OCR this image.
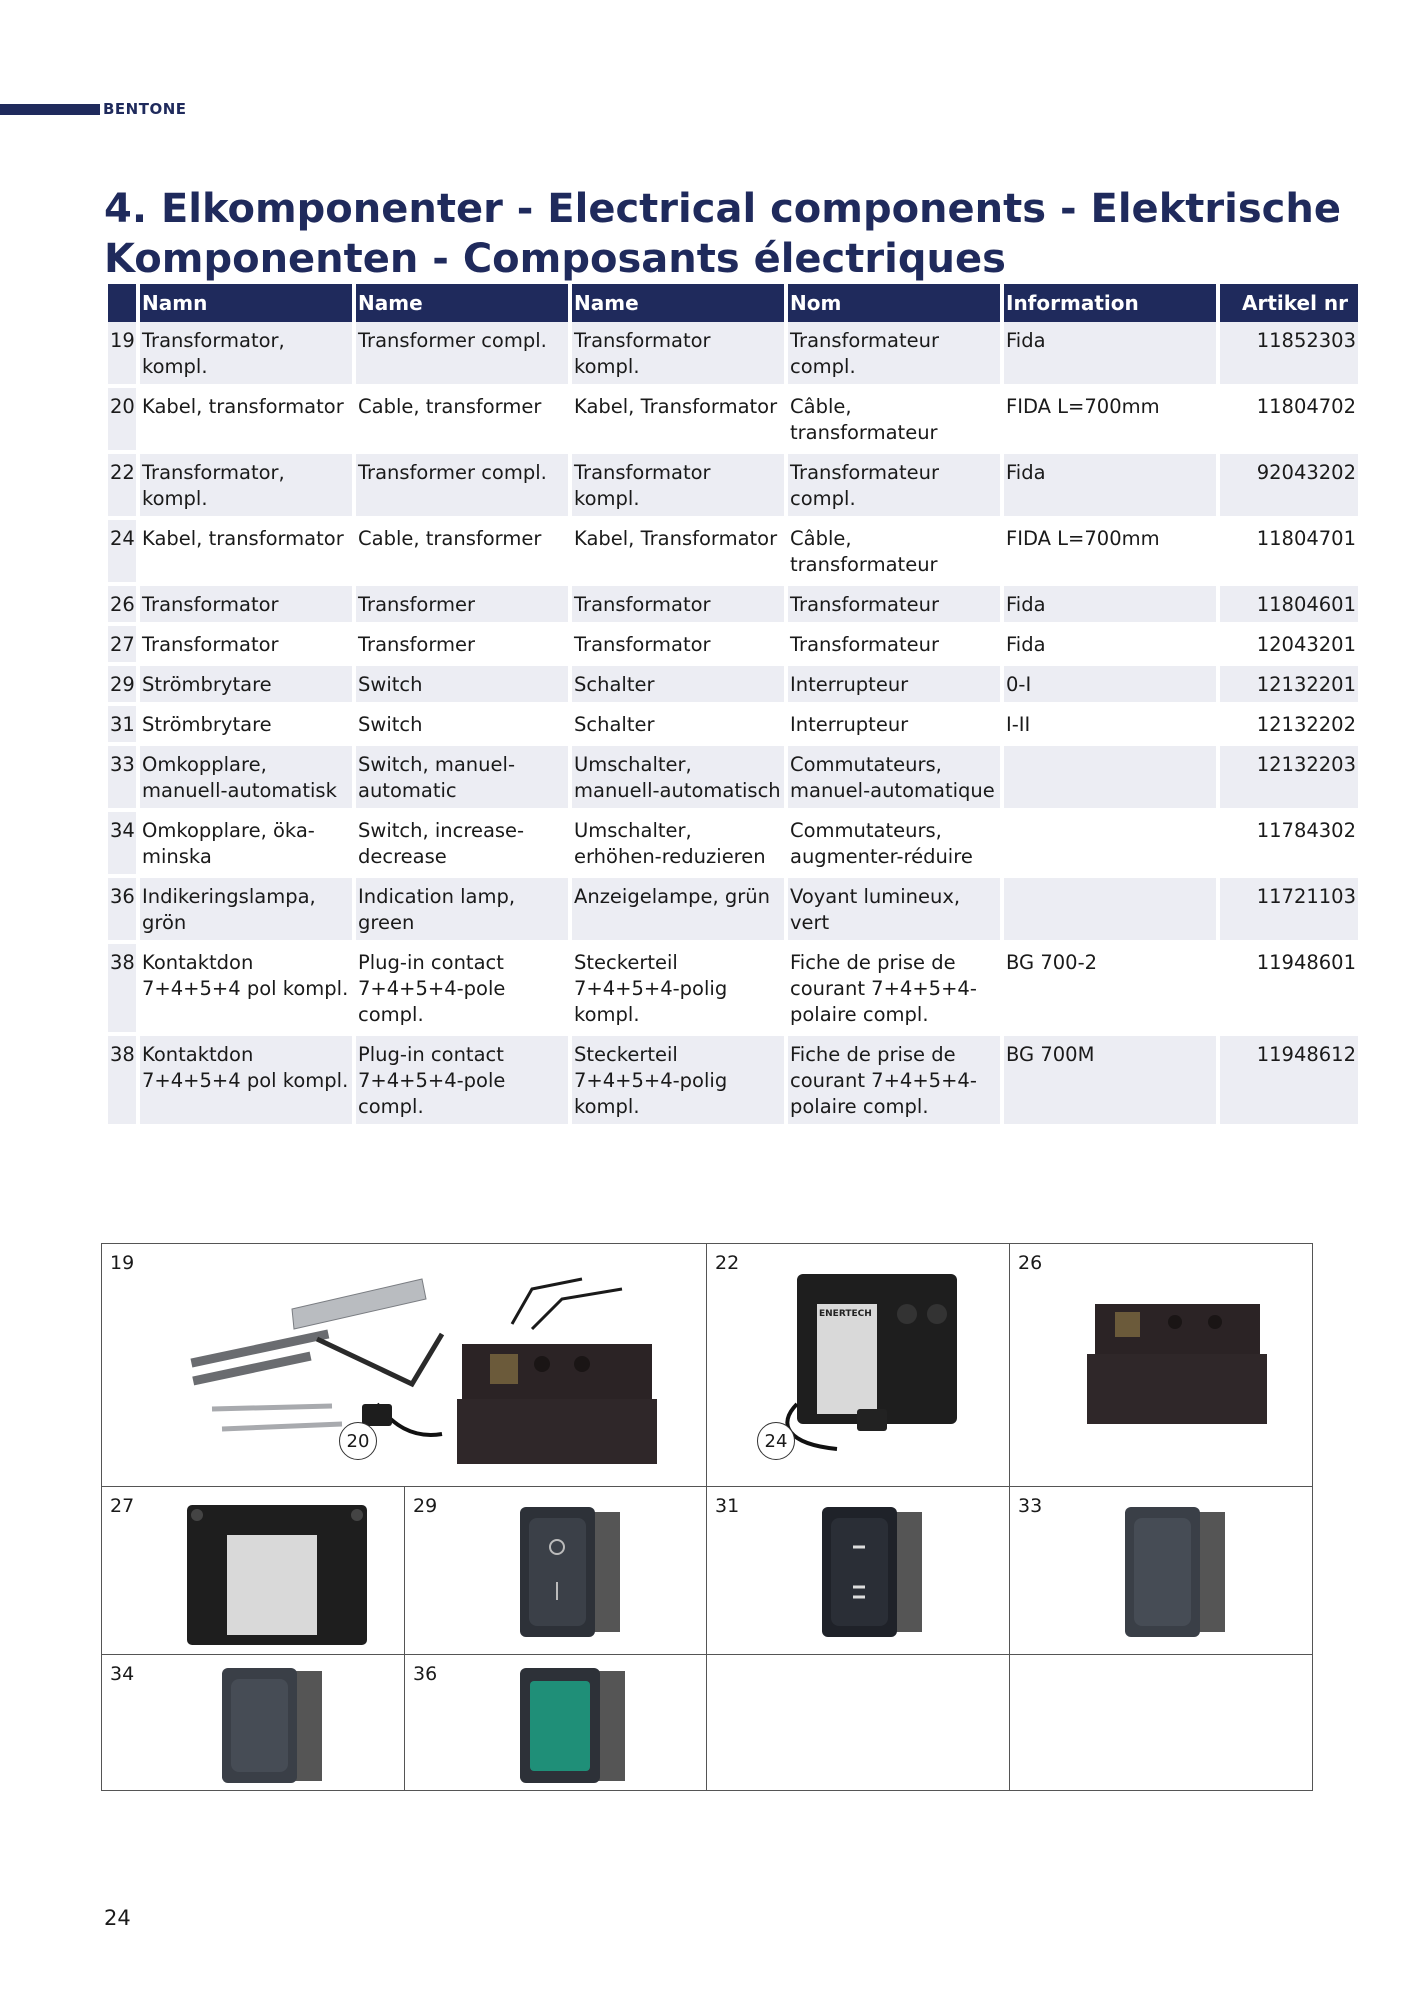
BENTONE
4. Elkomponenter - Electrical components - Elektrische Komponenten - Composants électriques
	Namn	Name	Name	Nom	Information	Artikel nr
19	Transformator, kompl.	Transformer compl.	Transformator kompl.	Transformateur compl.	Fida	11852303
20	Kabel, transformator	Cable, transformer	Kabel, Transformator	Câble, transformateur	FIDA L=700mm	11804702
22	Transformator, kompl.	Transformer compl.	Transformator kompl.	Transformateur compl.	Fida	92043202
24	Kabel, transformator	Cable, transformer	Kabel, Transformator	Câble, transformateur	FIDA L=700mm	11804701
26	Transformator	Transformer	Transformator	Transformateur	Fida	11804601
27	Transformator	Transformer	Transformator	Transformateur	Fida	12043201
29	Strömbrytare	Switch	Schalter	Interrupteur	0-I	12132201
31	Strömbrytare	Switch	Schalter	Interrupteur	I-II	12132202
33	Omkopplare, manuell-automatisk	Switch, manuel-automatic	Umschalter, manuell-automatisch	Commutateurs, manuel-automatique		12132203
34	Omkopplare, öka-minska	Switch, increase-decrease	Umschalter, erhöhen-reduzieren	Commutateurs, augmenter-réduire		11784302
36	Indikeringslampa, grön	Indication lamp, green	Anzeigelampe, grün	Voyant lumineux, vert		11721103
38	Kontaktdon 7+4+5+4 pol kompl.	Plug-in contact 7+4+5+4-pole compl.	Steckerteil 7+4+5+4-polig kompl.	Fiche de prise de courant 7+4+5+4-polaire compl.	BG 700-2	11948601
38	Kontaktdon 7+4+5+4 pol kompl.	Plug-in contact 7+4+5+4-pole compl.	Steckerteil 7+4+5+4-polig kompl.	Fiche de prise de courant 7+4+5+4-polaire compl.	BG 700M	11948612
19
20
22
ENERTECH
24
26
27	29	31	33
34	36
24
